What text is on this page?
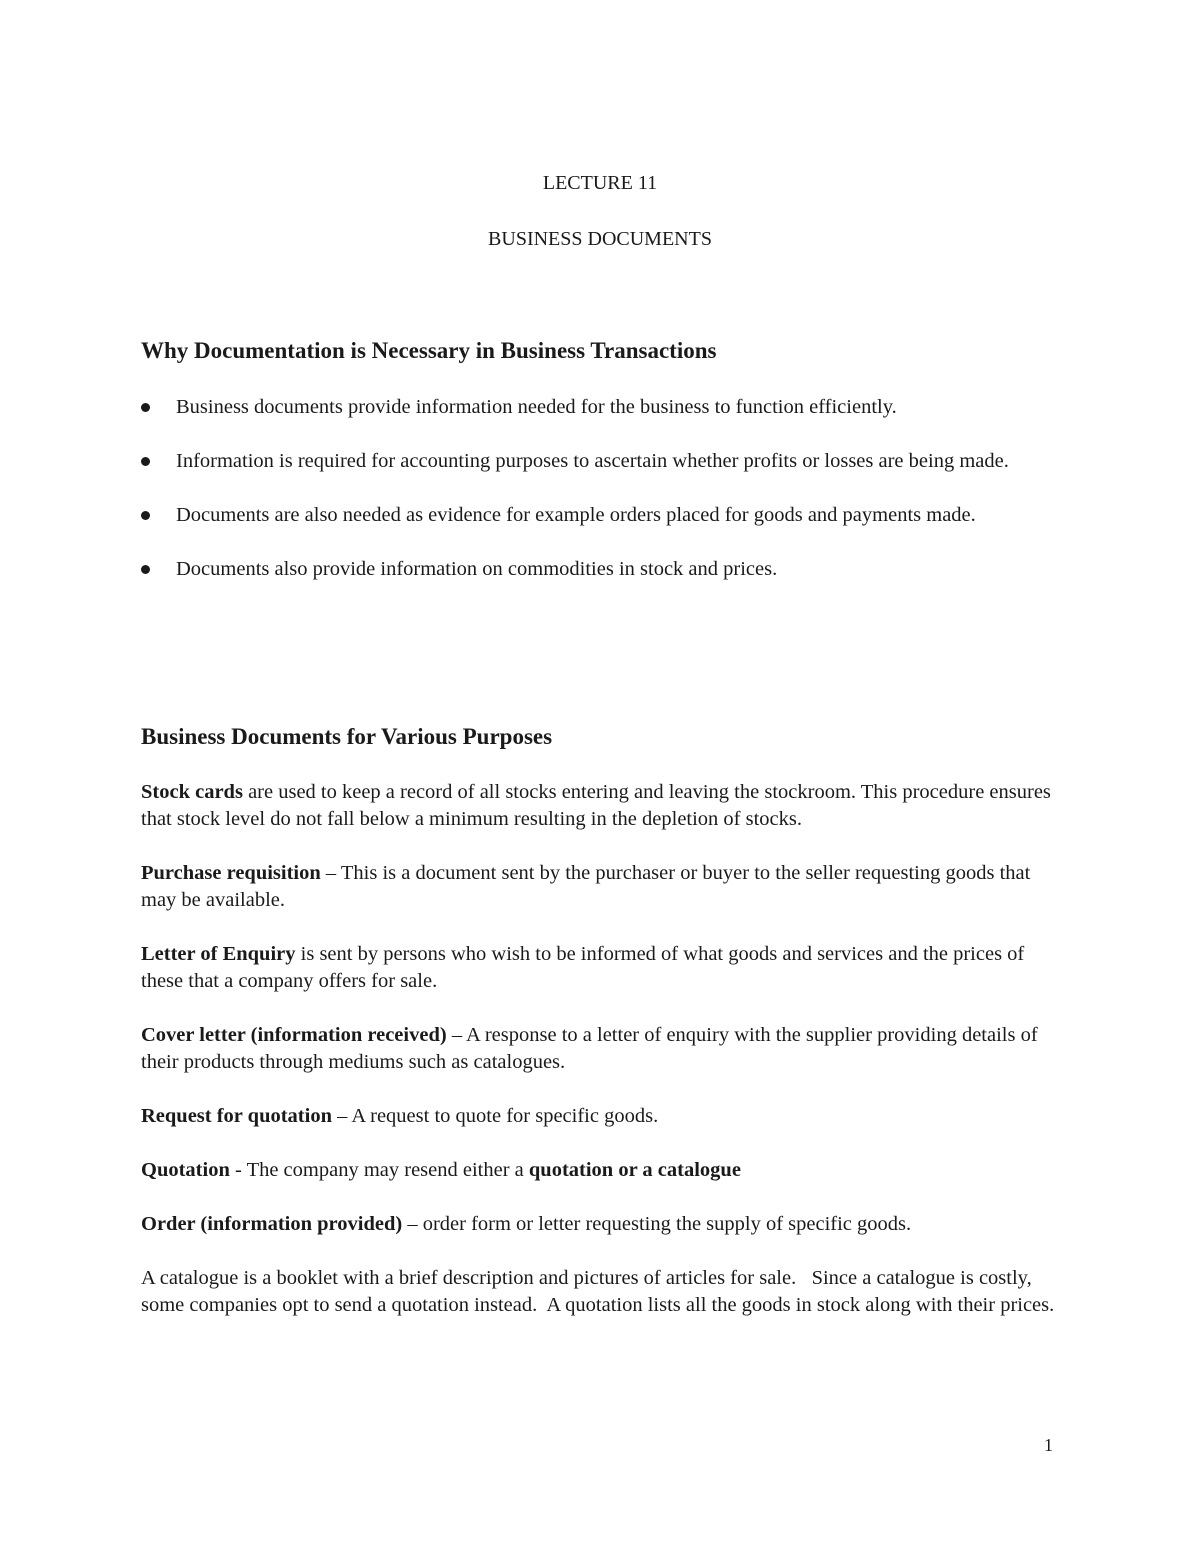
LECTURE 11
BUSINESS DOCUMENTS
Why Documentation is Necessary in Business Transactions
Business documents provide information needed for the business to function efficiently.
Information is required for accounting purposes to ascertain whether profits or losses are being made.
Documents are also needed as evidence for example orders placed for goods and payments made.
Documents also provide information on commodities in stock and prices.
Business Documents for Various Purposes

Stock cards are used to keep a record of all stocks entering and leaving the stockroom. This procedure ensures that stock level do not fall below a minimum resulting in the depletion of stocks.

Purchase requisition – This is a document sent by the purchaser or buyer to the seller requesting goods that may be available.

Letter of Enquiry is sent by persons who wish to be informed of what goods and services and the prices of these that a company offers for sale.

Cover letter (information received) – A response to a letter of enquiry with the supplier providing details of their products through mediums such as catalogues.

Request for quotation – A request to quote for specific goods.

Quotation - The company may resend either a quotation or a catalogue

Order (information provided) – order form or letter requesting the supply of specific goods.

A catalogue is a booklet with a brief description and pictures of articles for sale.   Since a catalogue is costly, some companies opt to send a quotation instead.  A quotation lists all the goods in stock along with their prices.

1
